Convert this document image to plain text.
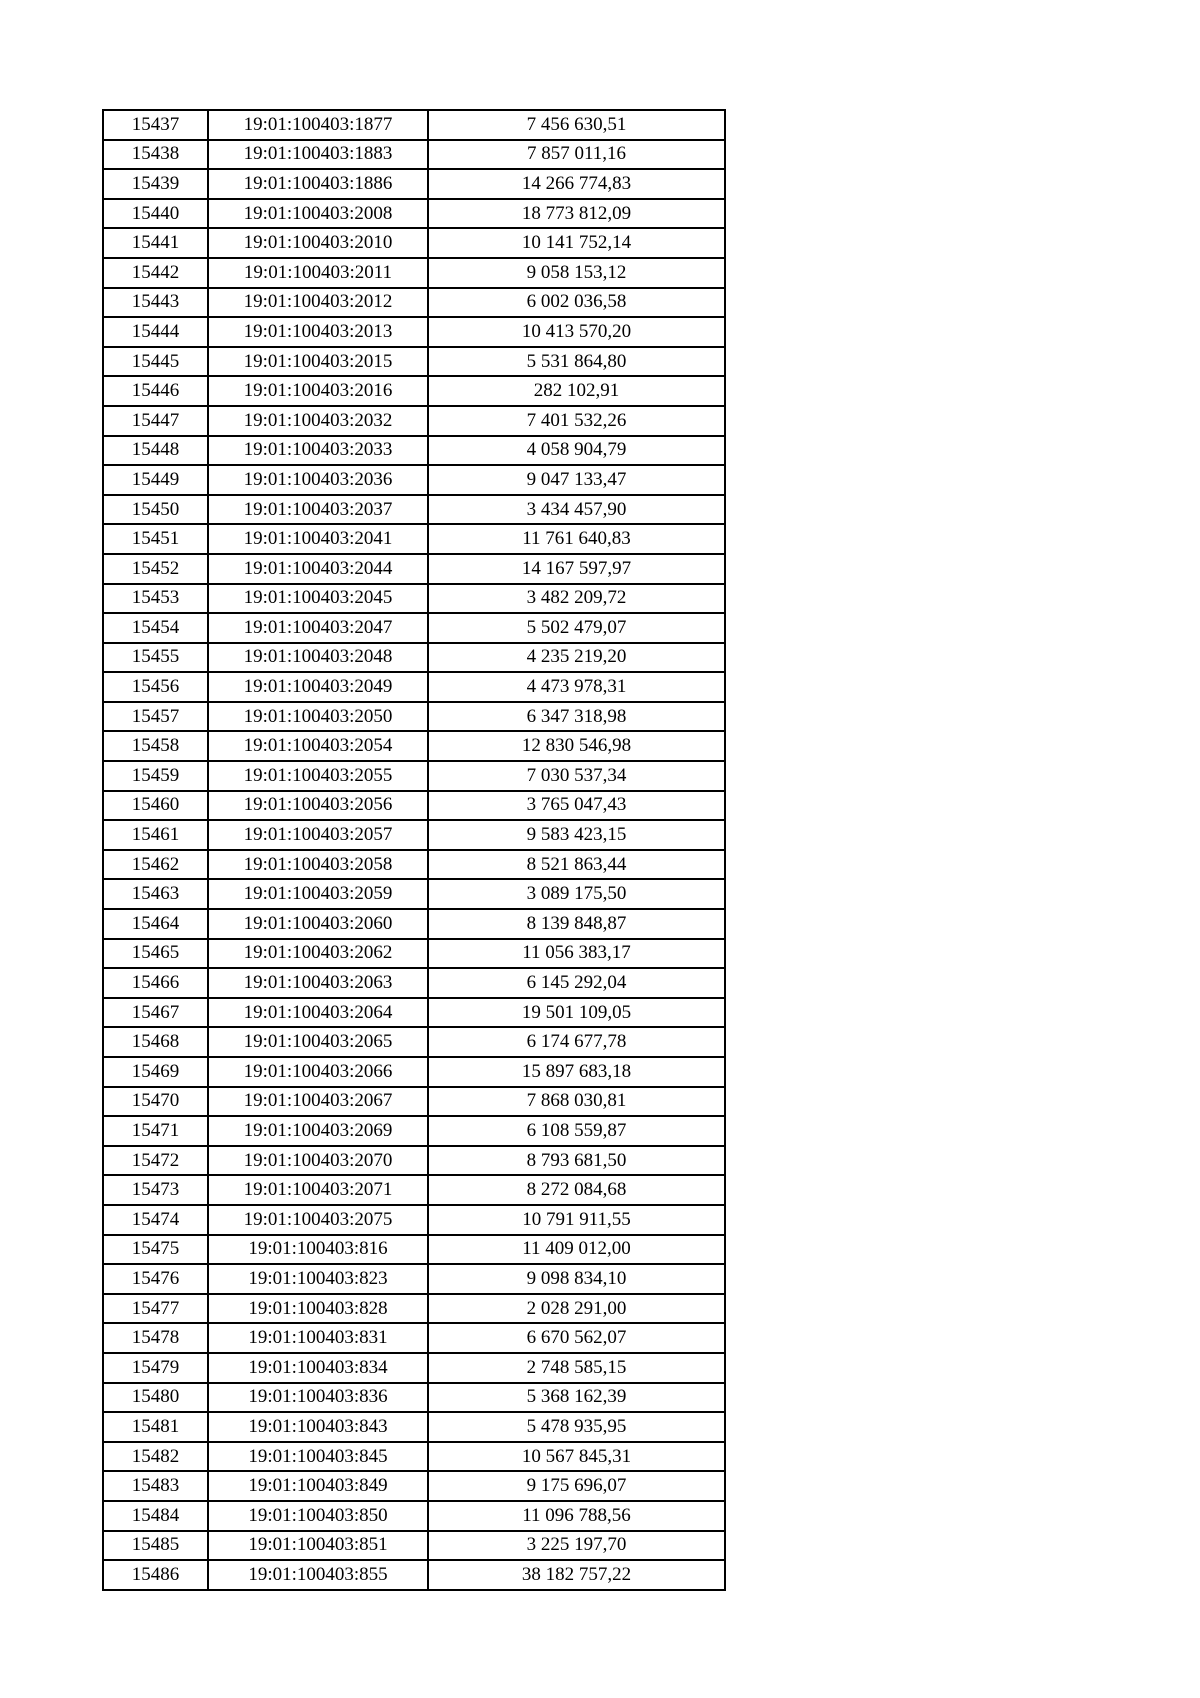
15437	19:01:100403:1877	7 456 630,51
15438	19:01:100403:1883	7 857 011,16
15439	19:01:100403:1886	14 266 774,83
15440	19:01:100403:2008	18 773 812,09
15441	19:01:100403:2010	10 141 752,14
15442	19:01:100403:2011	9 058 153,12
15443	19:01:100403:2012	6 002 036,58
15444	19:01:100403:2013	10 413 570,20
15445	19:01:100403:2015	5 531 864,80
15446	19:01:100403:2016	282 102,91
15447	19:01:100403:2032	7 401 532,26
15448	19:01:100403:2033	4 058 904,79
15449	19:01:100403:2036	9 047 133,47
15450	19:01:100403:2037	3 434 457,90
15451	19:01:100403:2041	11 761 640,83
15452	19:01:100403:2044	14 167 597,97
15453	19:01:100403:2045	3 482 209,72
15454	19:01:100403:2047	5 502 479,07
15455	19:01:100403:2048	4 235 219,20
15456	19:01:100403:2049	4 473 978,31
15457	19:01:100403:2050	6 347 318,98
15458	19:01:100403:2054	12 830 546,98
15459	19:01:100403:2055	7 030 537,34
15460	19:01:100403:2056	3 765 047,43
15461	19:01:100403:2057	9 583 423,15
15462	19:01:100403:2058	8 521 863,44
15463	19:01:100403:2059	3 089 175,50
15464	19:01:100403:2060	8 139 848,87
15465	19:01:100403:2062	11 056 383,17
15466	19:01:100403:2063	6 145 292,04
15467	19:01:100403:2064	19 501 109,05
15468	19:01:100403:2065	6 174 677,78
15469	19:01:100403:2066	15 897 683,18
15470	19:01:100403:2067	7 868 030,81
15471	19:01:100403:2069	6 108 559,87
15472	19:01:100403:2070	8 793 681,50
15473	19:01:100403:2071	8 272 084,68
15474	19:01:100403:2075	10 791 911,55
15475	19:01:100403:816	11 409 012,00
15476	19:01:100403:823	9 098 834,10
15477	19:01:100403:828	2 028 291,00
15478	19:01:100403:831	6 670 562,07
15479	19:01:100403:834	2 748 585,15
15480	19:01:100403:836	5 368 162,39
15481	19:01:100403:843	5 478 935,95
15482	19:01:100403:845	10 567 845,31
15483	19:01:100403:849	9 175 696,07
15484	19:01:100403:850	11 096 788,56
15485	19:01:100403:851	3 225 197,70
15486	19:01:100403:855	38 182 757,22
